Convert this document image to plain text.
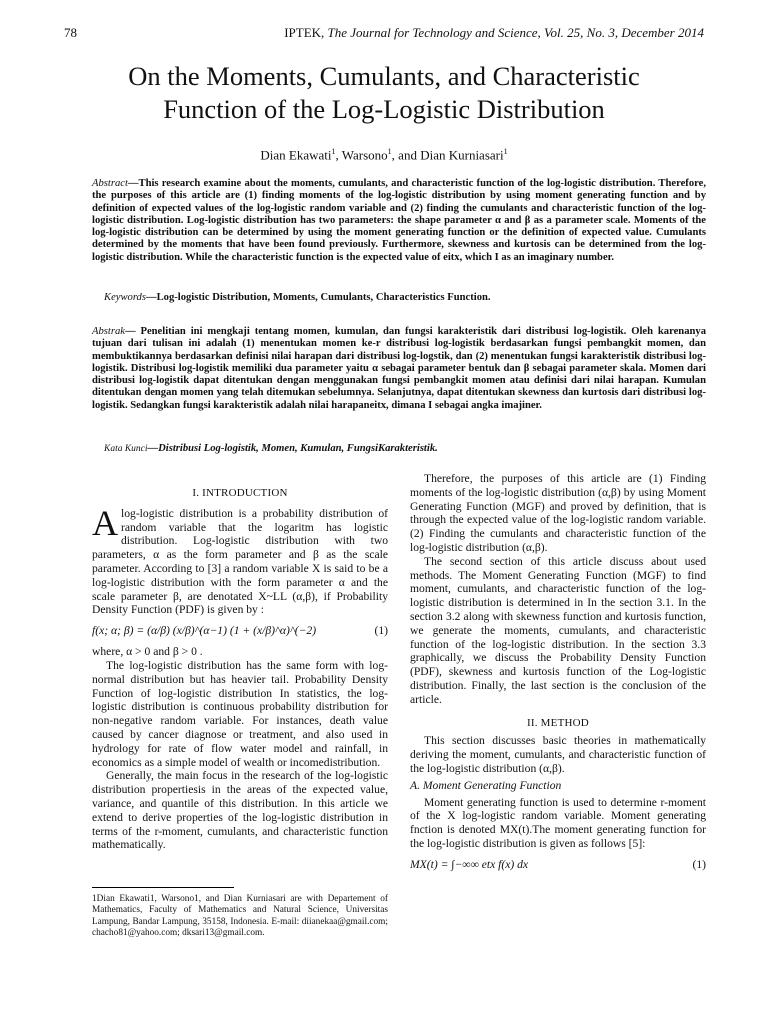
78	IPTEK, The Journal for Technology and Science, Vol. 25, No. 3, December 2014
On the Moments, Cumulants, and Characteristic
Function of the Log-Logistic Distribution
Dian Ekawati$^1$, Warsono$^1$, and Dian Kurniasari$^1$
Abstract—This research examine about the moments, cumulants, and characteristic function of the log-logistic distribution. Therefore, the purposes of this article are (1) finding moments of the log-logistic distribution by using moment generating function and by definition of expected values of the log-logistic random variable and (2) finding the cumulants and characteristic function of the log-logistic distribution. Log-logistic distribution has two parameters: the shape parameter α and β as a parameter scale. Moments of the log-logistic distribution can be determined by using the moment generating function or the definition of expected value. Cumulants determined by the moments that have been found previously. Furthermore, skewness and kurtosis can be determined from the log-logistic distribution. While the characteristic function is the expected value of eitx, which I as an imaginary number.
Keywords—Log-logistic Distribution, Moments, Cumulants, Characteristics Function.
Abstrak— Penelitian ini mengkaji tentang momen, kumulan, dan fungsi karakteristik dari distribusi log-logistik. Oleh karenanya tujuan dari tulisan ini adalah (1) menentukan momen ke-r distribusi log-logistik berdasarkan fungsi pembangkit momen, dan membuktikannya berdasarkan definisi nilai harapan dari distribusi log-logstik, dan (2) menentukan fungsi karakteristik distribusi log-logistik. Distribusi log-logistik memiliki dua parameter yaitu α sebagai parameter bentuk dan β sebagai parameter skala. Momen dari distribusi log-logistik dapat ditentukan dengan menggunakan fungsi pembangkit momen atau definisi dari nilai harapan. Kumulan ditentukan dengan momen yang telah ditemukan sebelumnya. Selanjutnya, dapat ditentukan skewness dan kurtosis dari distribusi log-logistik. Sedangkan fungsi karakteristik adalah nilai harapaneitx, dimana I sebagai angka imajiner.
Kata Kunci—Distribusi Log-logistik, Momen, Kumulan, FungsiKarakteristik.

I. INTRODUCTION

Alog-logistic distribution is a probability distribution of random variable that the logaritm has logistic distribution. Log-logistic distribution with two parameters, α as the form parameter and β as the scale parameter. According to [3] a random variable X is said to be a log-logistic distribution with the form parameter α and the scale parameter β, are denotated X~LL (α,β), if Probability Density Function (PDF) is given by :

f(x; α; β) = (α/β) (x/β)^(α−1) (1 + (x/β)^α)^(−2)	(1)

where, α > 0 and β > 0 .

The log-logistic distribution has the same form with log-normal distribution but has heavier tail. Probability Density Function of log-logistic distribution In statistics, the log-logistic distribution is continuous probability distribution for non-negative random variable. For instances, death value caused by cancer diagnose or treatment, and also used in hydrology for rate of flow water model and rainfall, in economics as a simple model of wealth or incomedistribution.

Generally, the main focus in the research of the log-logistic distribution propertiesis in the areas of the expected value, variance, and quantile of this distribution. In this article we extend to derive properties of the log-logistic distribution in terms of the r-moment, cumulants, and characteristic function mathematically.

1Dian Ekawati1, Warsono1, and Dian Kurniasari are with Departement of Mathematics, Faculty of Mathematics and Natural Science, Universitas Lampung, Bandar Lampung, 35158, Indonesia. E-mail: diianekaa@gmail.com; chacho81@yahoo.com; dksari13@gmail.com.

Therefore, the purposes of this article are (1) Finding moments of the log-logistic distribution (α,β) by using Moment Generating Function (MGF) and proved by definition, that is through the expected value of the log-logistic random variable. (2) Finding the cumulants and characteristic function of the log-logistic distribution (α,β).

The second section of this article discuss about used methods. The Moment Generating Function (MGF) to find moment, cumulants, and characteristic function of the log-logistic distribution is determined in In the section 3.1. In the section 3.2 along with skewness function and kurtosis function, we generate the moments, cumulants, and characteristic function of the log-logistic distribution. In the section 3.3 graphically, we discuss the Probability Density Function (PDF), skewness and kurtosis function of the Log-logistic distribution. Finally, the last section is the conclusion of the article.

II. METHOD

This section discusses basic theories in mathematically deriving the moment, cumulants, and characteristic function of the log-logistic distribution (α,β).

A. Moment Generating Function

Moment generating function is used to determine r-moment of the X log-logistic random variable. Moment generating fnction is denoted MX(t).The moment generating function for the log-logistic distribution is given as follows [5]:

MX(t) = ∫−∞∞ etx f(x) dx	(1)
